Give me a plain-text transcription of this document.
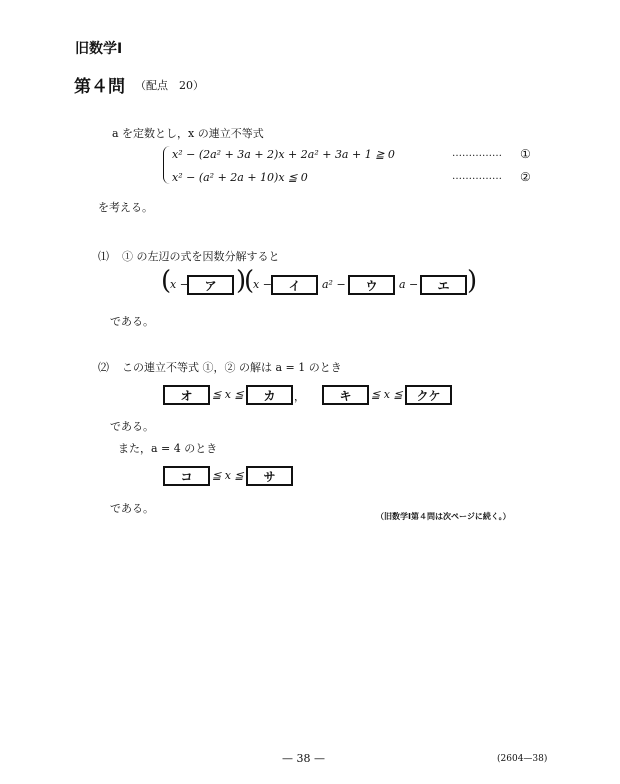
旧数学Ⅰ
第４問 （配点　20）
a を定数とし，x の連立不等式
x² − (2a² + 3a + 2)x + 2a² + 3a + 1 ≧ 0	…………… ①
x² − (a² + 2a + 10)x ≦ 0	…………… ②
を考える。
⑴ ① の左辺の式を因数分解すると
(
x −	ア )
(
x −	イ	a² −	ウ	a −	エ )
である。
⑵ この連立不等式 ①，② の解は a = 1 のとき
オ	≦ x ≦	カ	，	キ	≦ x ≦	クケ
である。
また，a = 4 のとき
コ	≦ x ≦	サ
である。
（旧数学Ⅰ第４問は次ページに続く。）
— 38 —	(2604—38)
